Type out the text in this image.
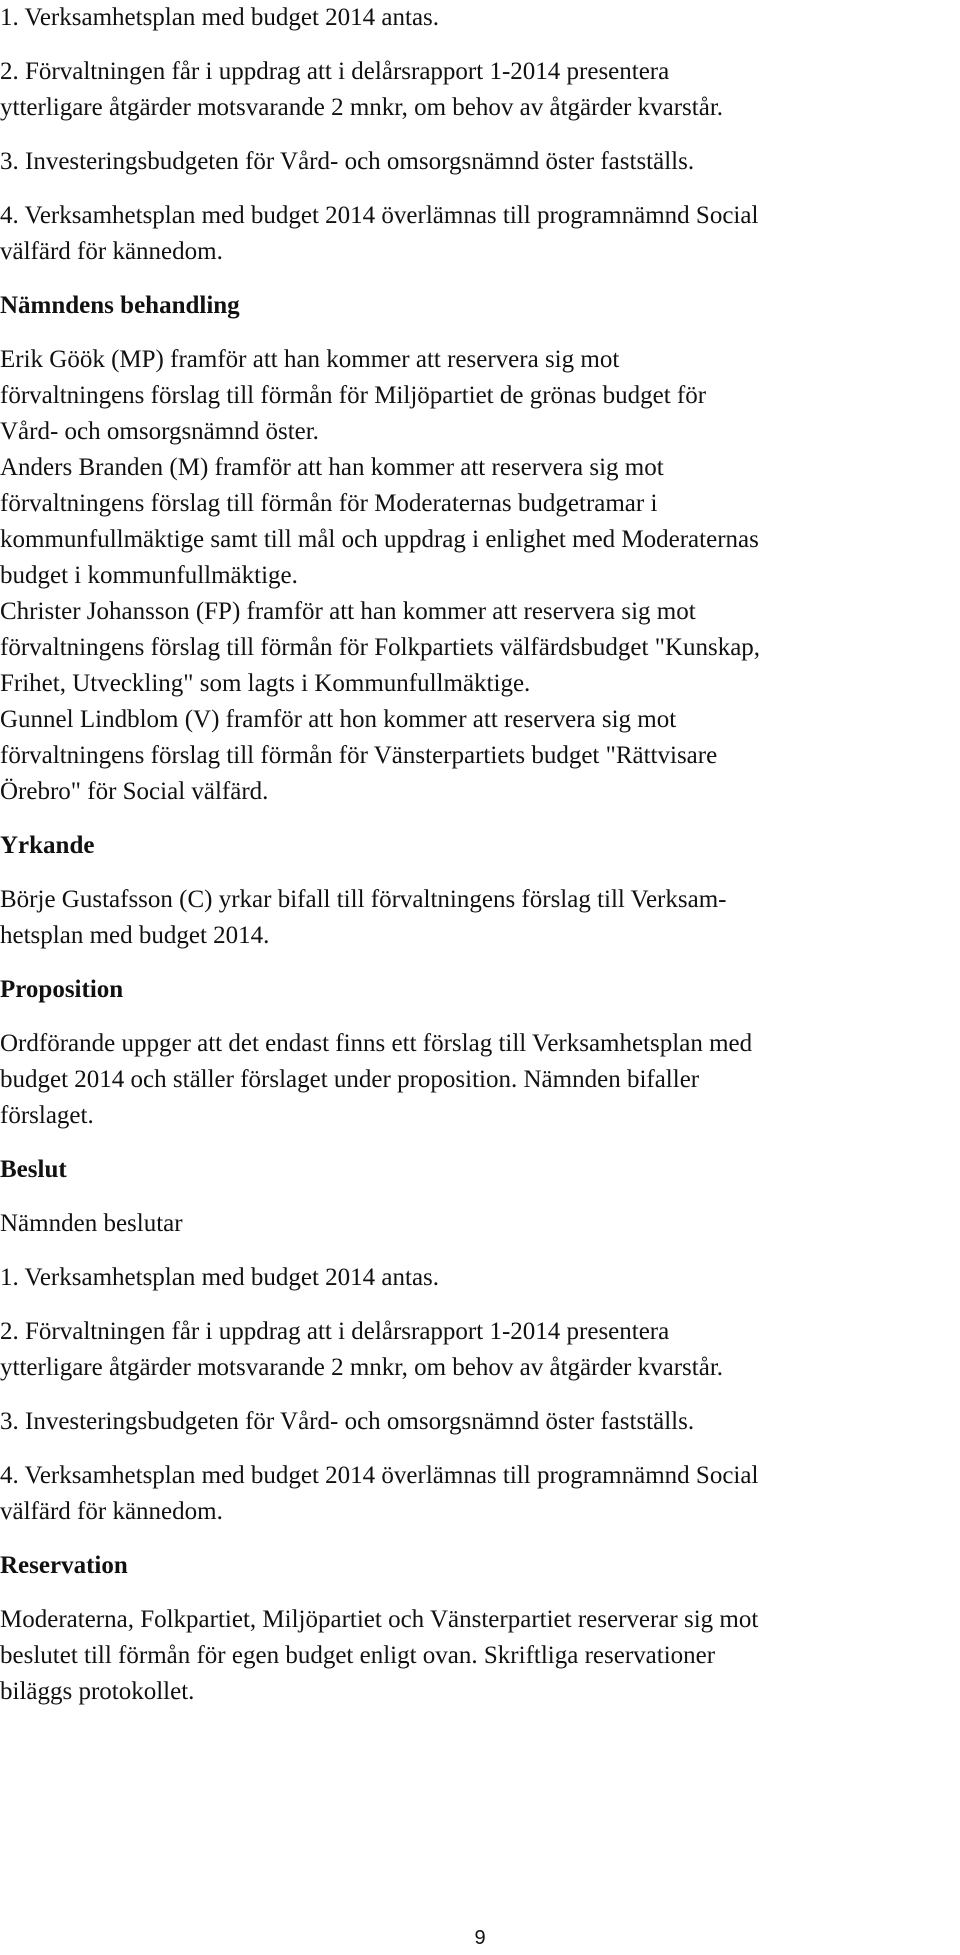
1. Verksamhetsplan med budget 2014 antas.

2. Förvaltningen får i uppdrag att i delårsrapport 1-2014 presentera

ytterligare åtgärder motsvarande 2 mnkr, om behov av åtgärder kvarstår.

3. Investeringsbudgeten för Vård- och omsorgsnämnd öster fastställs.

4. Verksamhetsplan med budget 2014 överlämnas till programnämnd Social

välfärd för kännedom.

Nämndens behandling

Erik Göök (MP) framför att han kommer att reservera sig mot

förvaltningens förslag till förmån för Miljöpartiet de grönas budget för

Vård- och omsorgsnämnd öster.

Anders Branden (M) framför att han kommer att reservera sig mot

förvaltningens förslag till förmån för Moderaternas budgetramar i

kommunfullmäktige samt till mål och uppdrag i enlighet med Moderaternas

budget i kommunfullmäktige.

Christer Johansson (FP) framför att han kommer att reservera sig mot

förvaltningens förslag till förmån för Folkpartiets välfärdsbudget "Kunskap,

Frihet, Utveckling" som lagts i Kommunfullmäktige.

Gunnel Lindblom (V) framför att hon kommer att reservera sig mot

förvaltningens förslag till förmån för Vänsterpartiets budget "Rättvisare

Örebro" för Social välfärd.

Yrkande

Börje Gustafsson (C) yrkar bifall till förvaltningens förslag till Verksam-

hetsplan med budget 2014.

Proposition

Ordförande uppger att det endast finns ett förslag till Verksamhetsplan med

budget 2014 och ställer förslaget under proposition. Nämnden bifaller

förslaget.

Beslut

Nämnden beslutar

1. Verksamhetsplan med budget 2014 antas.

2. Förvaltningen får i uppdrag att i delårsrapport 1-2014 presentera

ytterligare åtgärder motsvarande 2 mnkr, om behov av åtgärder kvarstår.

3. Investeringsbudgeten för Vård- och omsorgsnämnd öster fastställs.

4. Verksamhetsplan med budget 2014 överlämnas till programnämnd Social

välfärd för kännedom.

Reservation

Moderaterna, Folkpartiet, Miljöpartiet och Vänsterpartiet reserverar sig mot

beslutet till förmån för egen budget enligt ovan. Skriftliga reservationer

biläggs protokollet.

9
